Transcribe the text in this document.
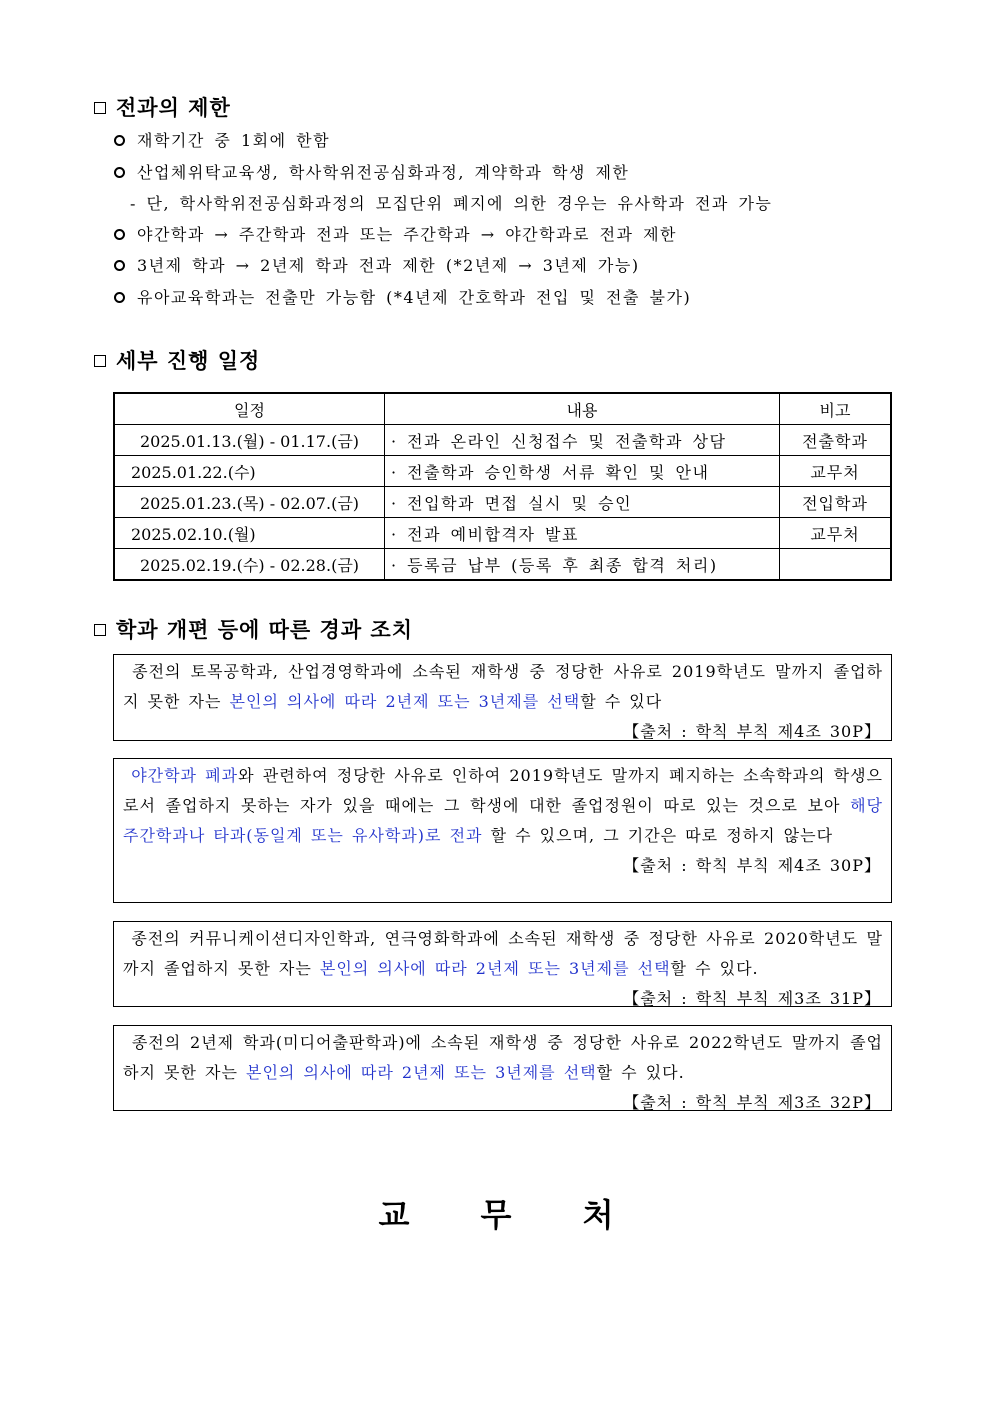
전과의 제한
재학기간 중 1회에 한함
산업체위탁교육생, 학사학위전공심화과정, 계약학과 학생 제한
- 단, 학사학위전공심화과정의 모집단위 폐지에 의한 경우는 유사학과 전과 가능
야간학과 → 주간학과 전과 또는 주간학과 → 야간학과로 전과 제한
3년제 학과 → 2년제 학과 전과 제한 (*2년제 → 3년제 가능)
유아교육학과는 전출만 가능함 (*4년제 간호학과 전입 및 전출 불가)
세부 진행 일정
일정	내용	비고
2025.01.13.(월) - 01.17.(금)	· 전과 온라인 신청접수 및 전출학과 상담	전출학과
2025.01.22.(수)	· 전출학과 승인학생 서류 확인 및 안내	교무처
2025.01.23.(목) - 02.07.(금)	· 전입학과 면접 실시 및 승인	전입학과
2025.02.10.(월)	· 전과 예비합격자 발표	교무처
2025.02.19.(수) - 02.28.(금)	· 등록금 납부 (등록 후 최종 합격 처리)	
학과 개편 등에 따른 경과 조치

종전의 토목공학과, 산업경영학과에 소속된 재학생 중 정당한 사유로 2019학년도 말까지 졸업하지 못한 자는 본인의 의사에 따라 2년제 또는 3년제를 선택할 수 있다

【출처 : 학칙 부칙 제4조 30P】

야간학과 폐과와 관련하여 정당한 사유로 인하여 2019학년도 말까지 폐지하는 소속학과의 학생으로서 졸업하지 못하는 자가 있을 때에는 그 학생에 대한 졸업정원이 따로 있는 것으로 보아 해당 주간학과나 타과(동일계 또는 유사학과)로 전과 할 수 있으며, 그 기간은 따로 정하지 않는다

【출처 : 학칙 부칙 제4조 30P】

종전의 커뮤니케이션디자인학과, 연극영화학과에 소속된 재학생 중 정당한 사유로 2020학년도 말까지 졸업하지 못한 자는 본인의 의사에 따라 2년제 또는 3년제를 선택할 수 있다.

【출처 : 학칙 부칙 제3조 31P】

종전의 2년제 학과(미디어출판학과)에 소속된 재학생 중 정당한 사유로 2022학년도 말까지 졸업하지 못한 자는 본인의 의사에 따라 2년제 또는 3년제를 선택할 수 있다.

【출처 : 학칙 부칙 제3조 32P】
교 무 처
